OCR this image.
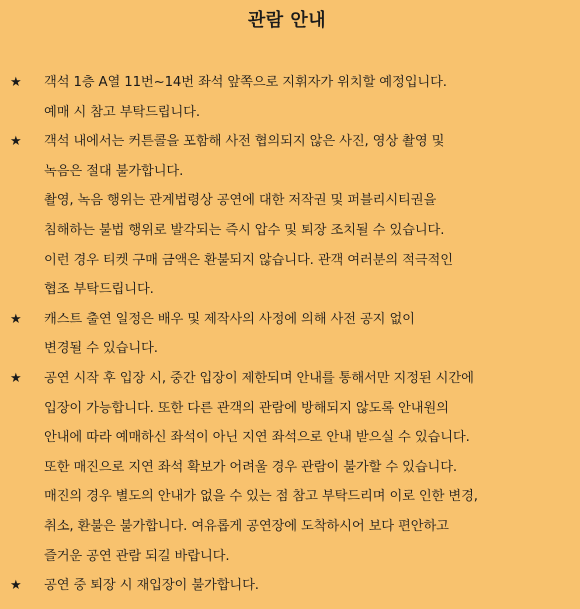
관람 안내
★	객석 1층 A열 11번~14번 좌석 앞쪽으로 지휘자가 위치할 예정입니다.
예매 시 참고 부탁드립니다.
★	객석 내에서는 커튼콜을 포함해 사전 협의되지 않은 사진, 영상 촬영 및
녹음은 절대 불가합니다.
촬영, 녹음 행위는 관계법령상 공연에 대한 저작권 및 퍼블리시티권을
침해하는 불법 행위로 발각되는 즉시 압수 및 퇴장 조치될 수 있습니다.
이런 경우 티켓 구매 금액은 환불되지 않습니다. 관객 여러분의 적극적인
협조 부탁드립니다.
★	캐스트 출연 일정은 배우 및 제작사의 사정에 의해 사전 공지 없이
변경될 수 있습니다.
★	공연 시작 후 입장 시, 중간 입장이 제한되며 안내를 통해서만 지정된 시간에
입장이 가능합니다. 또한 다른 관객의 관람에 방해되지 않도록 안내원의
안내에 따라 예매하신 좌석이 아닌 지연 좌석으로 안내 받으실 수 있습니다.
또한 매진으로 지연 좌석 확보가 어려울 경우 관람이 불가할 수 있습니다.
매진의 경우 별도의 안내가 없을 수 있는 점 참고 부탁드리며 이로 인한 변경,
취소, 환불은 불가합니다. 여유롭게 공연장에 도착하시어 보다 편안하고
즐거운 공연 관람 되길 바랍니다.
★	공연 중 퇴장 시 재입장이 불가합니다.
